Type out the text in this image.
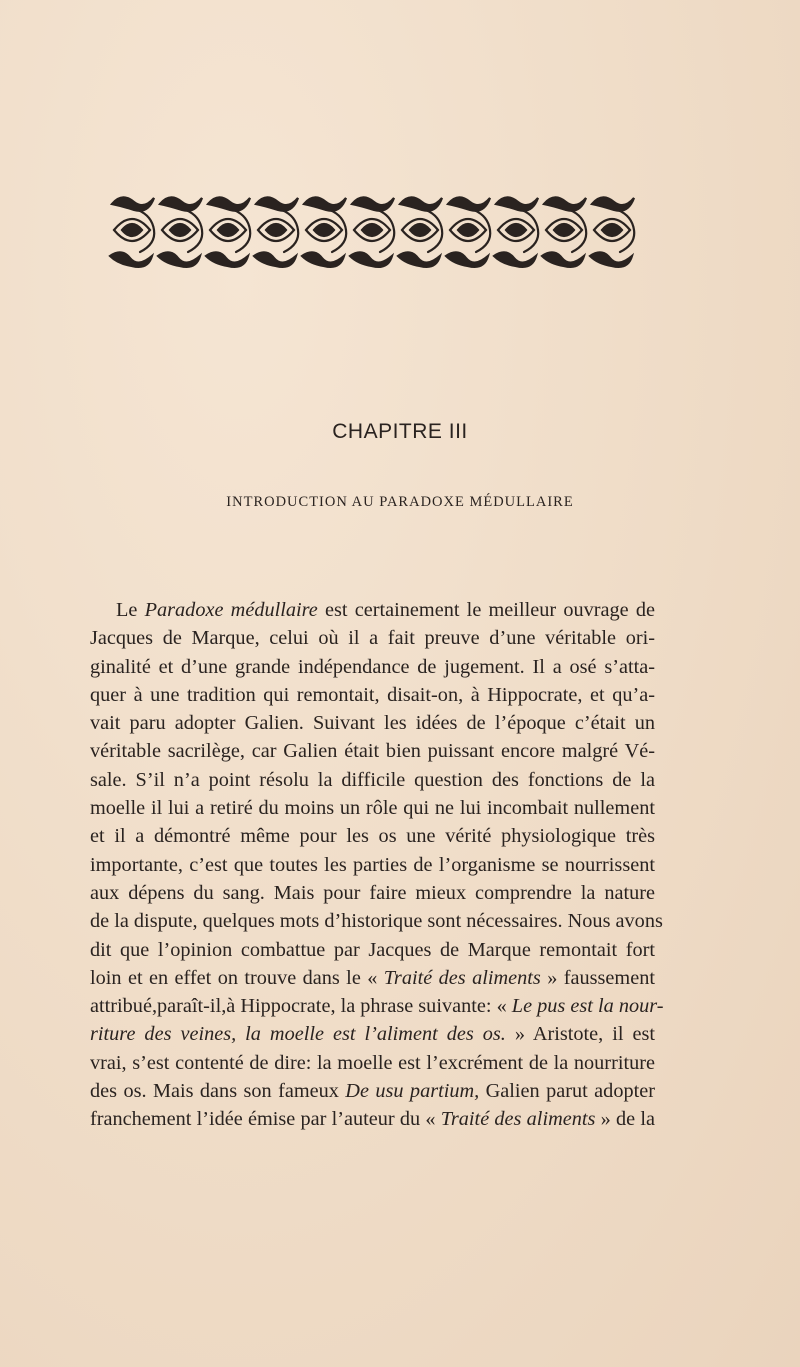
CHAPITRE III
INTRODUCTION AU PARADOXE MÉDULLAIRE
Le Paradoxe médullaire est certainement le meilleur ouvrage de
Jacques de Marque, celui où il a fait preuve d’une véritable ori-
ginalité et d’une grande indépendance de jugement. Il a osé s’atta-
quer à une tradition qui remontait, disait-on, à Hippocrate, et qu’a-
vait paru adopter Galien. Suivant les idées de l’époque c’était un
véritable sacrilège, car Galien était bien puissant encore malgré Vé-
sale. S’il n’a point résolu la difficile question des fonctions de la
moelle il lui a retiré du moins un rôle qui ne lui incombait nullement
et il a démontré même pour les os une vérité physiologique très
importante, c’est que toutes les parties de l’organisme se nourrissent
aux dépens du sang. Mais pour faire mieux comprendre la nature
de la dispute, quelques mots d’historique sont nécessaires. Nous avons
dit que l’opinion combattue par Jacques de Marque remontait fort
loin et en effet on trouve dans le « Traité des aliments » faussement
attribué,paraît-il,à Hippocrate, la phrase suivante: « Le pus est la nour-
riture des veines, la moelle est l’aliment des os. » Aristote, il est
vrai, s’est contenté de dire: la moelle est l’excrément de la nourriture
des os. Mais dans son fameux De usu partium, Galien parut adopter
franchement l’idée émise par l’auteur du « Traité des aliments » de la
